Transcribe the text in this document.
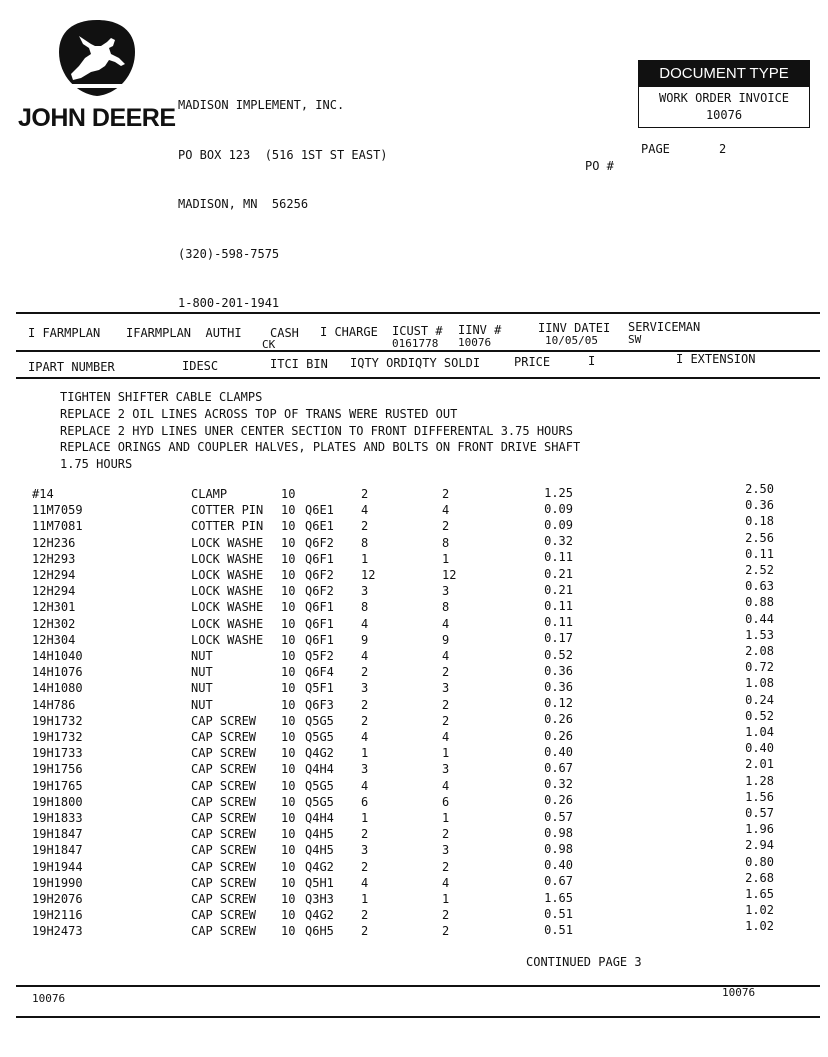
JOHN DEERE

MADISON IMPLEMENT, INC.

PO BOX 123  (516 1ST ST EAST)

MADISON, MN  56256

(320)-598-7575

1-800-201-1941

DOCUMENT TYPE

WORK ORDER INVOICE

10076

PAGE	2
PO #
I FARMPLAN IFARMPLAN  AUTHI CASH
CK
I CHARGE ICUST #
0161778
IINV #
10076
IINV DATEI
10/05/05
SERVICEMAN
SW
IPART NUMBER	IDESC	ITCI BIN IQTY ORDIQTY SOLDI	PRICE	I	I EXTENSION
TIGHTEN SHIFTER CABLE CLAMPS
REPLACE 2 OIL LINES ACROSS TOP OF TRANS WERE RUSTED OUT
REPLACE 2 HYD LINES UNER CENTER SECTION TO FRONT DIFFERENTAL 3.75 HOURS
REPLACE ORINGS AND COUPLER HALVES, PLATES AND BOLTS ON FRONT DRIVE SHAFT
1.75 HOURS
#14	CLAMP	10	2	2	1.25	2.50
11M7059	COTTER PIN 10 Q6E1 4	4	0.09	0.36
11M7081	COTTER PIN 10 Q6E1 2	2	0.09	0.18
12H236	LOCK WASHE 10 Q6F2 8	8	0.32	2.56
12H293	LOCK WASHE 10 Q6F1 1	1	0.11	0.11
12H294	LOCK WASHE 10 Q6F2 12	12	0.21	2.52
12H294	LOCK WASHE 10 Q6F2 3	3	0.21	0.63
12H301	LOCK WASHE 10 Q6F1 8	8	0.11	0.88
12H302	LOCK WASHE 10 Q6F1 4	4	0.11	0.44
12H304	LOCK WASHE 10 Q6F1 9	9	0.17	1.53
14H1040	NUT	10 Q5F2 4	4	0.52	2.08
14H1076	NUT	10 Q6F4 2	2	0.36	0.72
14H1080	NUT	10 Q5F1 3	3	0.36	1.08
14H786	NUT	10 Q6F3 2	2	0.12	0.24
19H1732	CAP SCREW 10 Q5G5 2	2	0.26	0.52
19H1732	CAP SCREW 10 Q5G5 4	4	0.26	1.04
19H1733	CAP SCREW 10 Q4G2 1	1	0.40	0.40
19H1756	CAP SCREW 10 Q4H4 3	3	0.67	2.01
19H1765	CAP SCREW 10 Q5G5 4	4	0.32	1.28
19H1800	CAP SCREW 10 Q5G5 6	6	0.26	1.56
19H1833	CAP SCREW 10 Q4H4 1	1	0.57	0.57
19H1847	CAP SCREW 10 Q4H5 2	2	0.98	1.96
19H1847	CAP SCREW 10 Q4H5 3	3	0.98	2.94
19H1944	CAP SCREW 10 Q4G2 2	2	0.40	0.80
19H1990	CAP SCREW 10 Q5H1 4	4	0.67	2.68
19H2076	CAP SCREW 10 Q3H3 1	1	1.65	1.65
19H2116	CAP SCREW 10 Q4G2 2	2	0.51	1.02
19H2473	CAP SCREW 10 Q6H5 2	2	0.51	1.02
CONTINUED PAGE 3
10076	10076
